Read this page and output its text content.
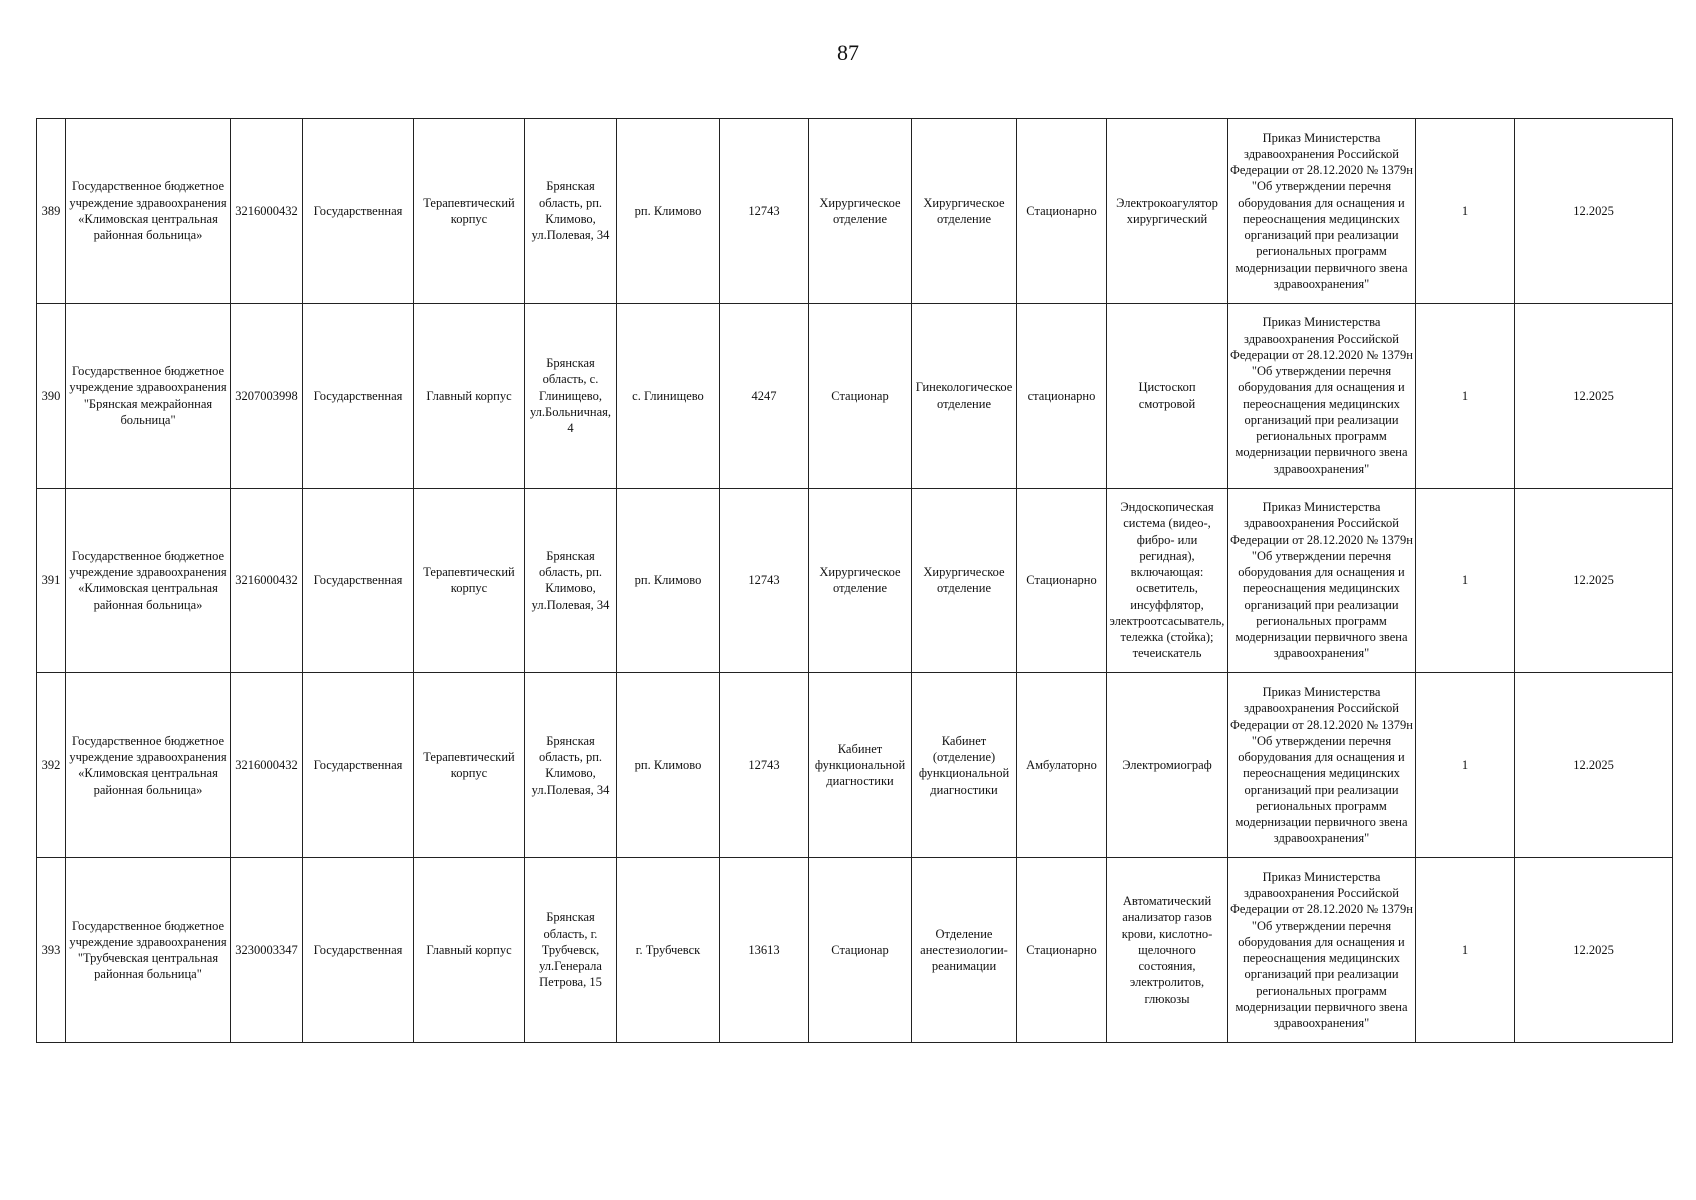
87
389	Государственное бюджетное учреждение здравоохранения «Климовская центральная районная больница»	3216000432	Государственная	Терапевтический корпус	Брянская область, рп. Климово, ул.Полевая, 34	рп. Климово	12743	Хирургическое отделение	Хирургическое отделение	Стационарно	Электрокоагулятор хирургический	Приказ Министерства здравоохранения Российской Федерации от 28.12.2020 № 1379н "Об утверждении перечня оборудования для оснащения и переоснащения медицинских организаций при реализации региональных программ модернизации первичного звена здравоохранения"	1	12.2025
390	Государственное бюджетное учреждение здравоохранения "Брянская межрайонная больница"	3207003998	Государственная	Главный корпус	Брянская область, с. Глинищево, ул.Больничная, 4	с. Глинищево	4247	Стационар	Гинекологическое отделение	стационарно	Цистоскоп смотровой	Приказ Министерства здравоохранения Российской Федерации от 28.12.2020 № 1379н "Об утверждении перечня оборудования для оснащения и переоснащения медицинских организаций при реализации региональных программ модернизации первичного звена здравоохранения"	1	12.2025
391	Государственное бюджетное учреждение здравоохранения «Климовская центральная районная больница»	3216000432	Государственная	Терапевтический корпус	Брянская область, рп. Климово, ул.Полевая, 34	рп. Климово	12743	Хирургическое отделение	Хирургическое отделение	Стационарно	Эндоскопическая система (видео-, фибро- или регидная), включающая: осветитель, инсуффлятор, электроотсасыватель, тележка (стойка); течеискатель	Приказ Министерства здравоохранения Российской Федерации от 28.12.2020 № 1379н "Об утверждении перечня оборудования для оснащения и переоснащения медицинских организаций при реализации региональных программ модернизации первичного звена здравоохранения"	1	12.2025
392	Государственное бюджетное учреждение здравоохранения «Климовская центральная районная больница»	3216000432	Государственная	Терапевтический корпус	Брянская область, рп. Климово, ул.Полевая, 34	рп. Климово	12743	Кабинет функциональной диагностики	Кабинет (отделение) функциональной диагностики	Амбулаторно	Электромиограф	Приказ Министерства здравоохранения Российской Федерации от 28.12.2020 № 1379н "Об утверждении перечня оборудования для оснащения и переоснащения медицинских организаций при реализации региональных программ модернизации первичного звена здравоохранения"	1	12.2025
393	Государственное бюджетное учреждение здравоохранения "Трубчевская центральная районная больница"	3230003347	Государственная	Главный корпус	Брянская область, г. Трубчевск, ул.Генерала Петрова, 15	г. Трубчевск	13613	Стационар	Отделение анестезиологии-реанимации	Стационарно	Автоматический анализатор газов крови, кислотно-щелочного состояния, электролитов, глюкозы	Приказ Министерства здравоохранения Российской Федерации от 28.12.2020 № 1379н "Об утверждении перечня оборудования для оснащения и переоснащения медицинских организаций при реализации региональных программ модернизации первичного звена здравоохранения"	1	12.2025
